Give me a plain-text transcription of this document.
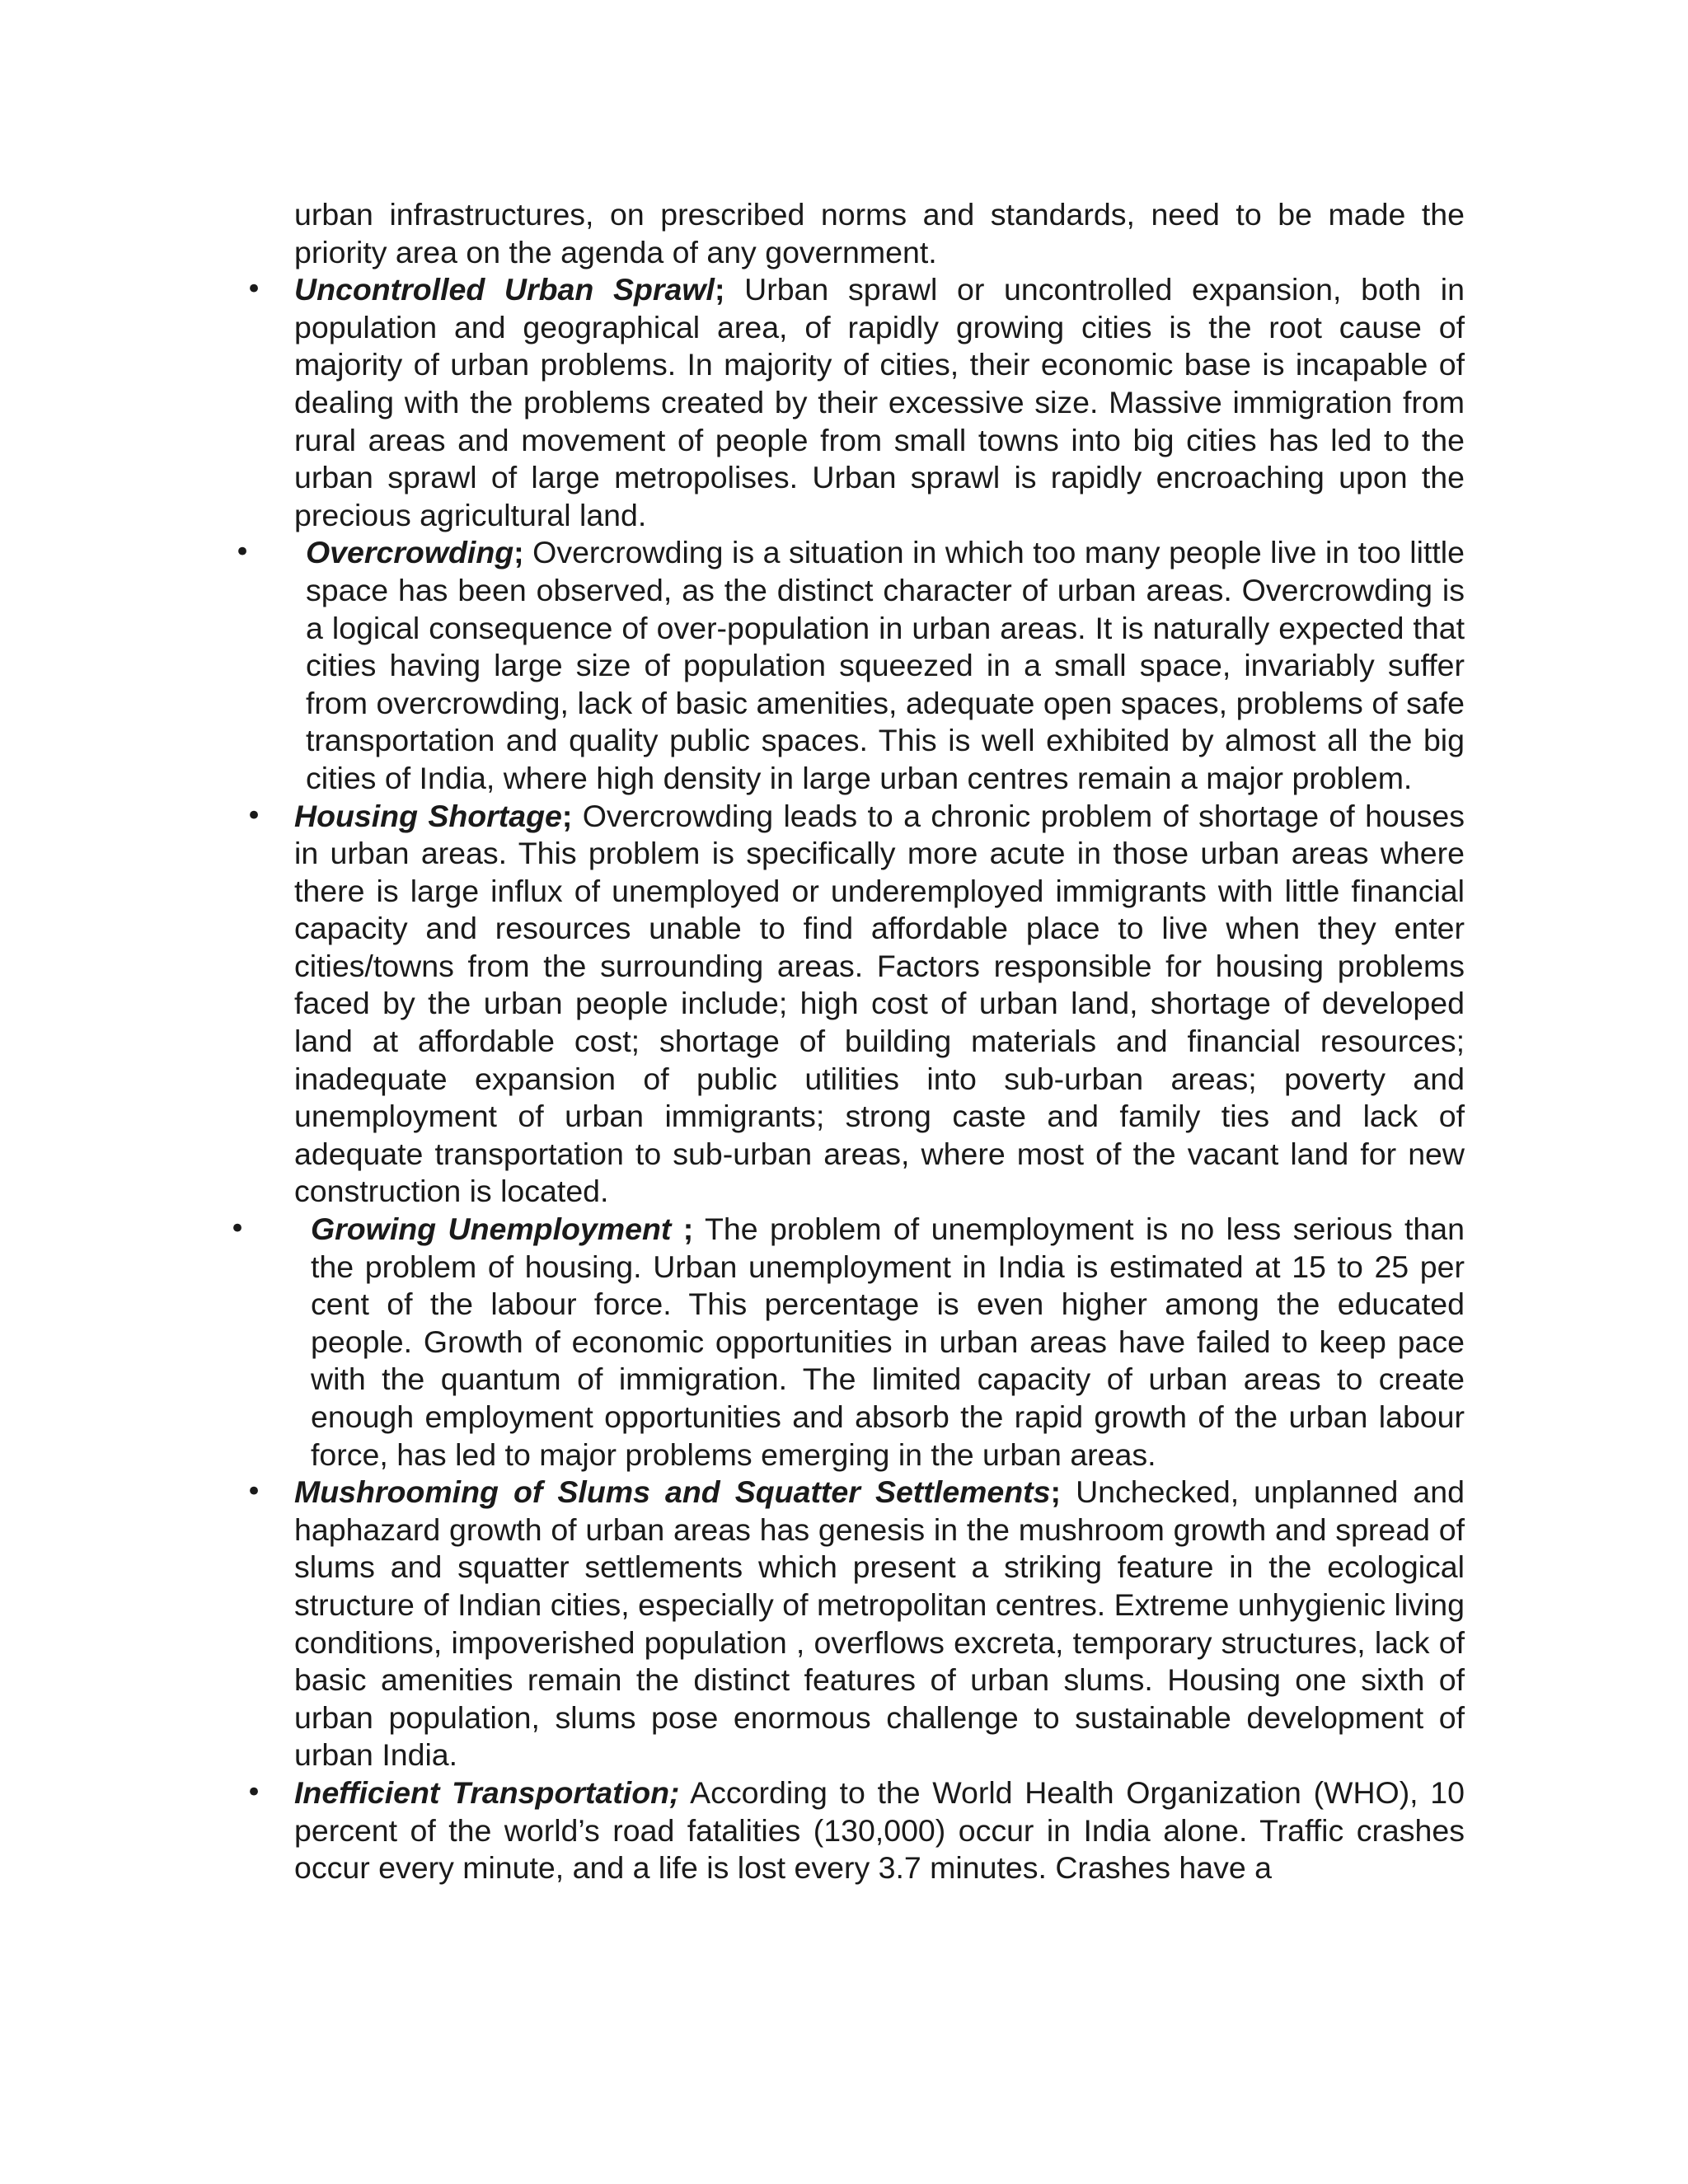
urban infrastructures, on prescribed norms and standards, need to be made the priority area on the agenda of any government.

• Uncontrolled Urban Sprawl; Urban sprawl or uncontrolled expansion, both in population and geographical area, of rapidly growing cities is the root cause of majority of urban problems. In majority of cities, their economic base is incapable of dealing with the problems created by their excessive size. Massive immigration from rural areas and movement of people from small towns into big cities has led to the urban sprawl of large metropolises. Urban sprawl is rapidly encroaching upon the precious agricultural land.
• Overcrowding; Overcrowding is a situation in which too many people live in too little space has been observed, as the distinct character of urban areas. Overcrowding is a logical consequence of over-population in urban areas. It is naturally expected that cities having large size of population squeezed in a small space, invariably suffer from overcrowding, lack of basic amenities, adequate open spaces, problems of safe transportation and quality public spaces. This is well exhibited by almost all the big cities of India, where high density in large urban centres remain a major problem.
• Housing Shortage; Overcrowding leads to a chronic problem of shortage of houses in urban areas. This problem is specifically more acute in those urban areas where there is large influx of unemployed or underemployed immigrants with little financial capacity and resources unable to find affordable place to live when they enter cities/towns from the surrounding areas. Factors responsible for housing problems faced by the urban people include; high cost of urban land, shortage of developed land at affordable cost; shortage of building materials and financial resources; inadequate expansion of public utilities into sub-urban areas; poverty and unemployment of urban immigrants; strong caste and family ties and lack of adequate transportation to sub-urban areas, where most of the vacant land for new construction is located.
• Growing Unemployment ; The problem of unemployment is no less serious than the problem of housing. Urban unemployment in India is estimated at 15 to 25 per cent of the labour force. This percentage is even higher among the educated people. Growth of economic opportunities in urban areas have failed to keep pace with the quantum of immigration. The limited capacity of urban areas to create enough employment opportunities and absorb the rapid growth of the urban labour force, has led to major problems emerging in the urban areas.
• Mushrooming of Slums and Squatter Settlements; Unchecked, unplanned and haphazard growth of urban areas has genesis in the mushroom growth and spread of slums and squatter settlements which present a striking feature in the ecological structure of Indian cities, especially of metropolitan centres. Extreme unhygienic living conditions, impoverished population , overflows excreta, temporary structures, lack of basic amenities remain the distinct features of urban slums. Housing one sixth of urban population, slums pose enormous challenge to sustainable development of urban India.
• Inefficient Transportation; According to the World Health Organization (WHO), 10 percent of the world’s road fatalities (130,000) occur in India alone. Traffic crashes occur every minute, and a life is lost every 3.7 minutes. Crashes have a
